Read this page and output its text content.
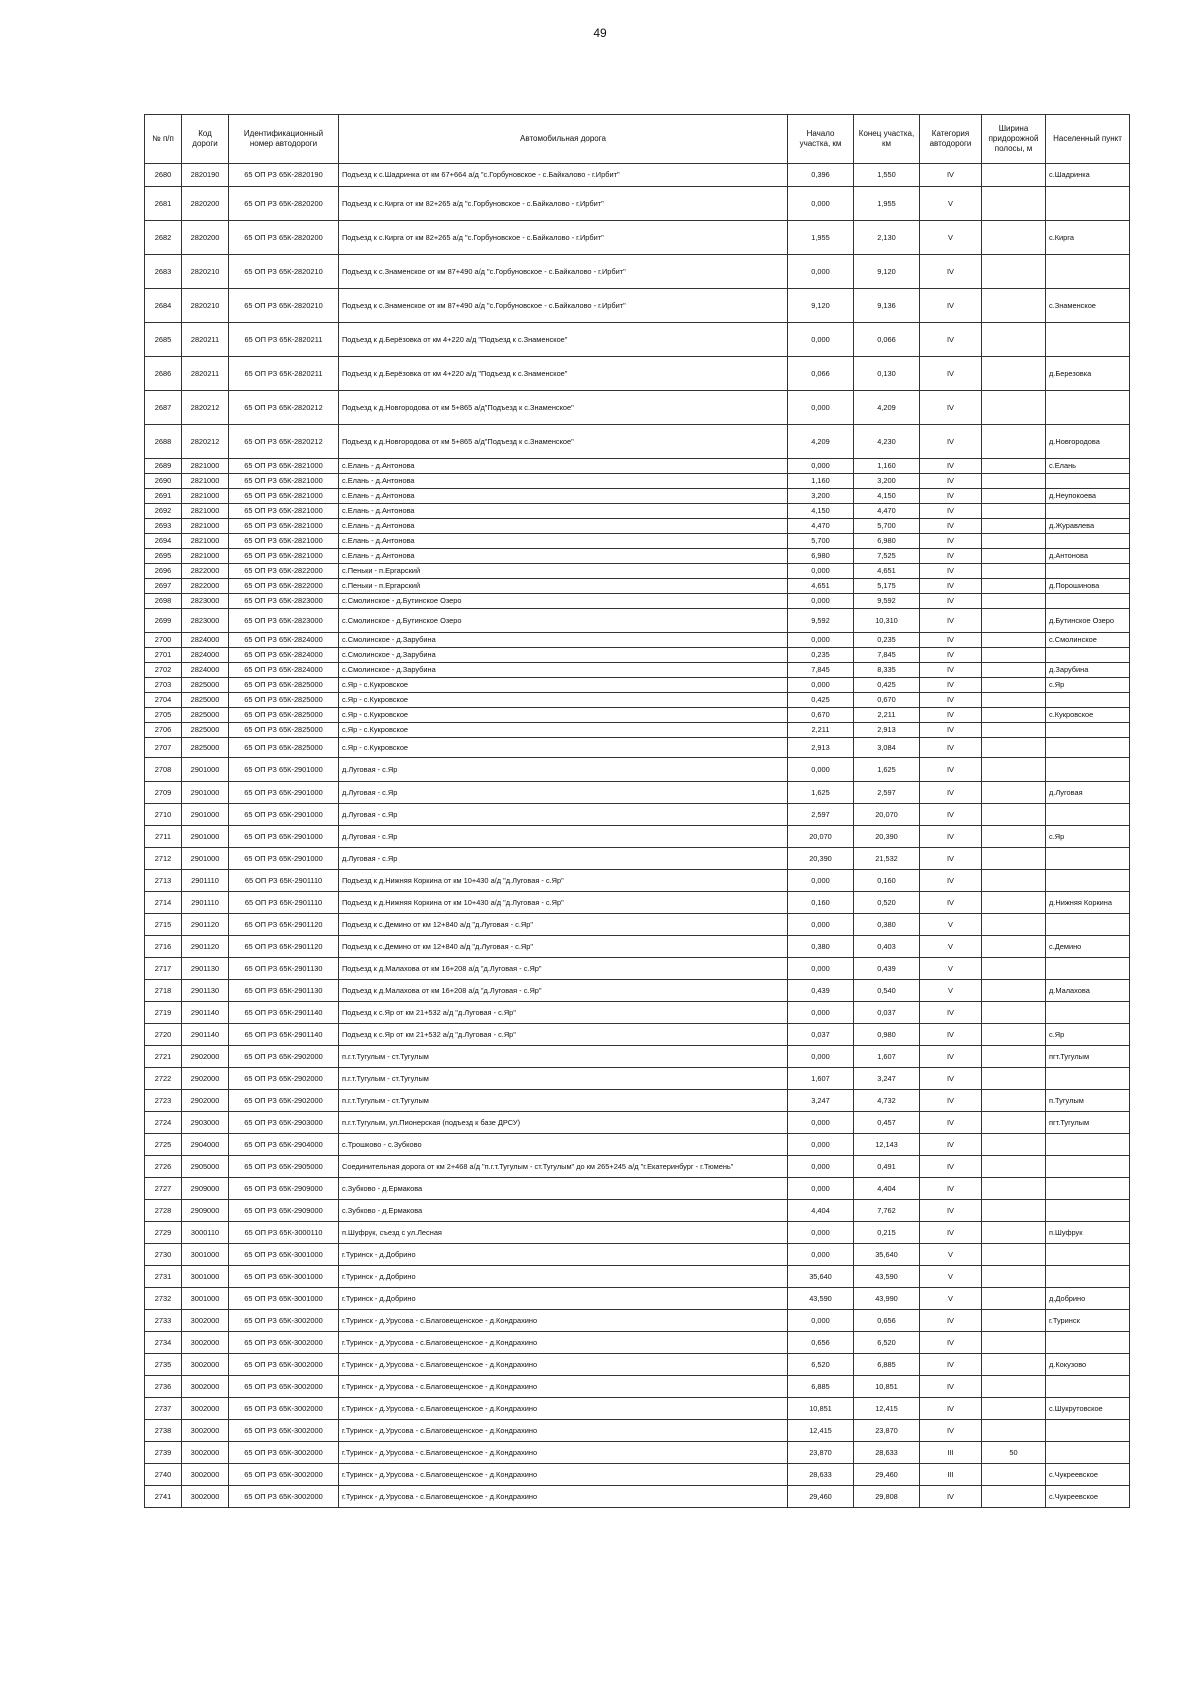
49
№ п/п	Код дороги	Идентификационный номер автодороги	Автомобильная дорога	Начало участка, км	Конец участка, км	Категория автодороги	Ширина придорожной полосы, м	Населенный пункт
2680	2820190	65 ОП РЗ 65К-2820190	Подъезд к с.Шадринка от км 67+664 а/д "с.Горбуновское - с.Байкалово - г.Ирбит"	0,396	1,550	IV		с.Шадринка
2681	2820200	65 ОП РЗ 65К-2820200	Подъезд к с.Кирга от км 82+265 а/д "с.Горбуновское - с.Байкалово - г.Ирбит"	0,000	1,955	V		
2682	2820200	65 ОП РЗ 65К-2820200	Подъезд к с.Кирга от км 82+265 а/д "с.Горбуновское - с.Байкалово - г.Ирбит"	1,955	2,130	V		с.Кирга
2683	2820210	65 ОП РЗ 65К-2820210	Подъезд к с.Знаменское от км 87+490 а/д "с.Горбуновское - с.Байкалово - г.Ирбит"	0,000	9,120	IV		
2684	2820210	65 ОП РЗ 65К-2820210	Подъезд к с.Знаменское от км 87+490 а/д "с.Горбуновское - с.Байкалово - г.Ирбит"	9,120	9,136	IV		с.Знаменское
2685	2820211	65 ОП РЗ 65К-2820211	Подъезд к д.Берёзовка от км 4+220 а/д "Подъезд к с.Знаменское"	0,000	0,066	IV		
2686	2820211	65 ОП РЗ 65К-2820211	Подъезд к д.Берёзовка от км 4+220 а/д "Подъезд к с.Знаменское"	0,066	0,130	IV		д.Березовка
2687	2820212	65 ОП РЗ 65К-2820212	Подъезд к д.Новгородова от км 5+865 а/д"Подъезд к с.Знаменское"	0,000	4,209	IV		
2688	2820212	65 ОП РЗ 65К-2820212	Подъезд к д.Новгородова от км 5+865 а/д"Подъезд к с.Знаменское"	4,209	4,230	IV		д.Новгородова
2689	2821000	65 ОП РЗ 65К-2821000	с.Елань - д.Антонова	0,000	1,160	IV		с.Елань
2690	2821000	65 ОП РЗ 65К-2821000	с.Елань - д.Антонова	1,160	3,200	IV		
2691	2821000	65 ОП РЗ 65К-2821000	с.Елань - д.Антонова	3,200	4,150	IV		д.Неупокоева
2692	2821000	65 ОП РЗ 65К-2821000	с.Елань - д.Антонова	4,150	4,470	IV		
2693	2821000	65 ОП РЗ 65К-2821000	с.Елань - д.Антонова	4,470	5,700	IV		д.Журавлева
2694	2821000	65 ОП РЗ 65К-2821000	с.Елань - д.Антонова	5,700	6,980	IV		
2695	2821000	65 ОП РЗ 65К-2821000	с.Елань - д.Антонова	6,980	7,525	IV		д.Антонова
2696	2822000	65 ОП РЗ 65К-2822000	с.Пеньки - п.Ергарский	0,000	4,651	IV		
2697	2822000	65 ОП РЗ 65К-2822000	с.Пеньки - п.Ергарский	4,651	5,175	IV		д.Порошинова
2698	2823000	65 ОП РЗ 65К-2823000	с.Смолинское - д.Бутинское Озеро	0,000	9,592	IV		
2699	2823000	65 ОП РЗ 65К-2823000	с.Смолинское - д.Бутинское Озеро	9,592	10,310	IV		д.Бутинское Озеро
2700	2824000	65 ОП РЗ 65К-2824000	с.Смолинское - д.Зарубина	0,000	0,235	IV		с.Смолинское
2701	2824000	65 ОП РЗ 65К-2824000	с.Смолинское - д.Зарубина	0,235	7,845	IV		
2702	2824000	65 ОП РЗ 65К-2824000	с.Смолинское - д.Зарубина	7,845	8,335	IV		д.Зарубина
2703	2825000	65 ОП РЗ 65К-2825000	с.Яр - с.Кукровское	0,000	0,425	IV		с.Яр
2704	2825000	65 ОП РЗ 65К-2825000	с.Яр - с.Кукровское	0,425	0,670	IV		
2705	2825000	65 ОП РЗ 65К-2825000	с.Яр - с.Кукровское	0,670	2,211	IV		с.Кукровское
2706	2825000	65 ОП РЗ 65К-2825000	с.Яр - с.Кукровское	2,211	2,913	IV		
2707	2825000	65 ОП РЗ 65К-2825000	с.Яр - с.Кукровское	2,913	3,084	IV		
2708	2901000	65 ОП РЗ 65К-2901000	д.Луговая - с.Яр	0,000	1,625	IV		
2709	2901000	65 ОП РЗ 65К-2901000	д.Луговая - с.Яр	1,625	2,597	IV		д.Луговая
2710	2901000	65 ОП РЗ 65К-2901000	д.Луговая - с.Яр	2,597	20,070	IV		
2711	2901000	65 ОП РЗ 65К-2901000	д.Луговая - с.Яр	20,070	20,390	IV		с.Яр
2712	2901000	65 ОП РЗ 65К-2901000	д.Луговая - с.Яр	20,390	21,532	IV		
2713	2901110	65 ОП РЗ 65К-2901110	Подъезд к д.Нижняя Коркина от км 10+430 а/д "д.Луговая - с.Яр"	0,000	0,160	IV		
2714	2901110	65 ОП РЗ 65К-2901110	Подъезд к д.Нижняя Коркина от км 10+430 а/д "д.Луговая - с.Яр"	0,160	0,520	IV		д.Нижняя Коркина
2715	2901120	65 ОП РЗ 65К-2901120	Подъезд к с.Демино от км 12+840 а/д "д.Луговая - с.Яр"	0,000	0,380	V		
2716	2901120	65 ОП РЗ 65К-2901120	Подъезд к с.Демино от км 12+840 а/д "д.Луговая - с.Яр"	0,380	0,403	V		с.Демино
2717	2901130	65 ОП РЗ 65К-2901130	Подъезд к д.Малахова от км 16+208 а/д "д.Луговая - с.Яр"	0,000	0,439	V		
2718	2901130	65 ОП РЗ 65К-2901130	Подъезд к д.Малахова от км 16+208 а/д "д.Луговая - с.Яр"	0,439	0,540	V		д.Малахова
2719	2901140	65 ОП РЗ 65К-2901140	Подъезд к с.Яр от км 21+532 а/д "д.Луговая - с.Яр"	0,000	0,037	IV		
2720	2901140	65 ОП РЗ 65К-2901140	Подъезд к с.Яр от км 21+532 а/д "д.Луговая - с.Яр"	0,037	0,980	IV		с.Яр
2721	2902000	65 ОП РЗ 65К-2902000	п.г.т.Тугулым - ст.Тугулым	0,000	1,607	IV		пгт.Тугулым
2722	2902000	65 ОП РЗ 65К-2902000	п.г.т.Тугулым - ст.Тугулым	1,607	3,247	IV		
2723	2902000	65 ОП РЗ 65К-2902000	п.г.т.Тугулым - ст.Тугулым	3,247	4,732	IV		п.Тугулым
2724	2903000	65 ОП РЗ 65К-2903000	п.г.т.Тугулым, ул.Пионерская (подъезд к базе ДРСУ)	0,000	0,457	IV		пгт.Тугулым
2725	2904000	65 ОП РЗ 65К-2904000	с.Трошково - с.Зубково	0,000	12,143	IV		
2726	2905000	65 ОП РЗ 65К-2905000	Соединительная дорога от км 2+468 а/д "п.г.т.Тугулым - ст.Тугулым" до км 265+245 а/д "г.Екатеринбург - г.Тюмень"	0,000	0,491	IV		
2727	2909000	65 ОП РЗ 65К-2909000	с.Зубково - д.Ермакова	0,000	4,404	IV		
2728	2909000	65 ОП РЗ 65К-2909000	с.Зубково - д.Ермакова	4,404	7,762	IV		
2729	3000110	65 ОП РЗ 65К-3000110	п.Шуфрук, съезд с ул.Лесная	0,000	0,215	IV		п.Шуфрук
2730	3001000	65 ОП РЗ 65К-3001000	г.Туринск - д.Добрино	0,000	35,640	V		
2731	3001000	65 ОП РЗ 65К-3001000	г.Туринск - д.Добрино	35,640	43,590	V		
2732	3001000	65 ОП РЗ 65К-3001000	г.Туринск - д.Добрино	43,590	43,990	V		д.Добрино
2733	3002000	65 ОП РЗ 65К-3002000	г.Туринск - д.Урусова - с.Благовещенское - д.Кондрахино	0,000	0,656	IV		г.Туринск
2734	3002000	65 ОП РЗ 65К-3002000	г.Туринск - д.Урусова - с.Благовещенское - д.Кондрахино	0,656	6,520	IV		
2735	3002000	65 ОП РЗ 65К-3002000	г.Туринск - д.Урусова - с.Благовещенское - д.Кондрахино	6,520	6,885	IV		д.Кокузово
2736	3002000	65 ОП РЗ 65К-3002000	г.Туринск - д.Урусова - с.Благовещенское - д.Кондрахино	6,885	10,851	IV		
2737	3002000	65 ОП РЗ 65К-3002000	г.Туринск - д.Урусова - с.Благовещенское - д.Кондрахино	10,851	12,415	IV		с.Шукрутовское
2738	3002000	65 ОП РЗ 65К-3002000	г.Туринск - д.Урусова - с.Благовещенское - д.Кондрахино	12,415	23,870	IV		
2739	3002000	65 ОП РЗ 65К-3002000	г.Туринск - д.Урусова - с.Благовещенское - д.Кондрахино	23,870	28,633	III	50	
2740	3002000	65 ОП РЗ 65К-3002000	г.Туринск - д.Урусова - с.Благовещенское - д.Кондрахино	28,633	29,460	III		с.Чукреевское
2741	3002000	65 ОП РЗ 65К-3002000	г.Туринск - д.Урусова - с.Благовещенское - д.Кондрахино	29,460	29,808	IV		с.Чукреевское
